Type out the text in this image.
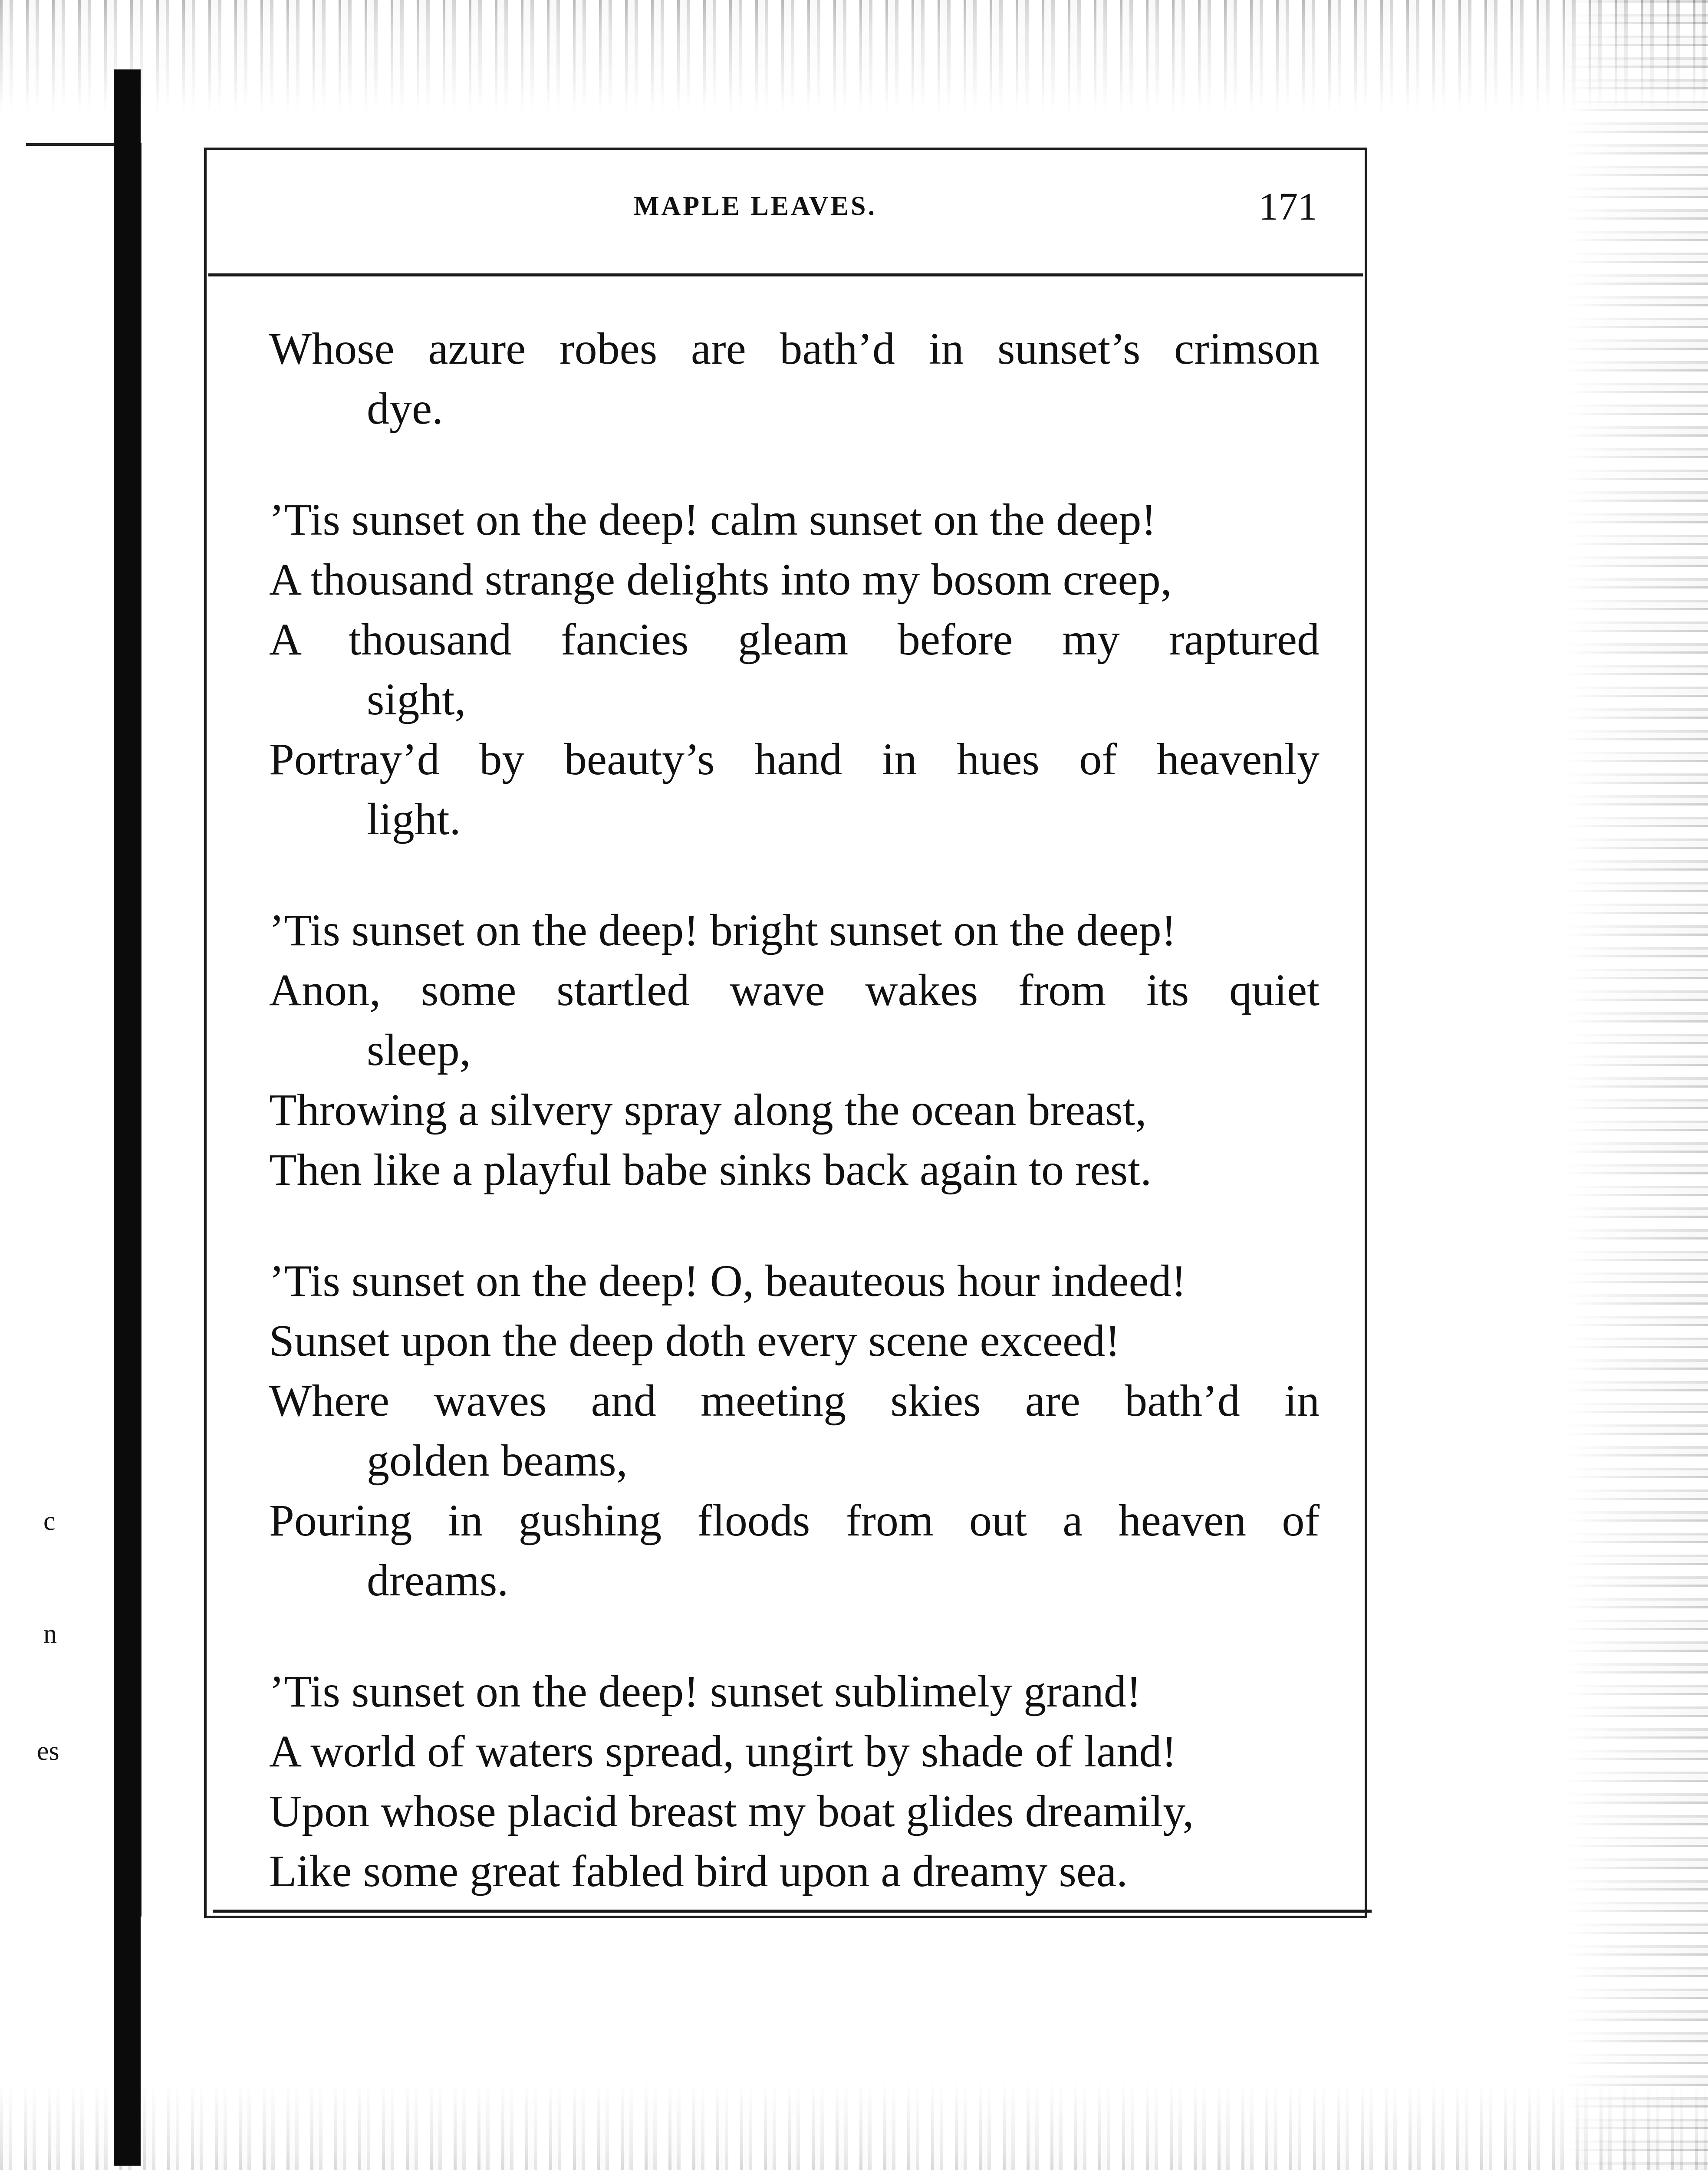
c
n
es
MAPLE LEAVES.	171
Whose azure robes are bath’d in sunset’s crimson
dye.
’Tis sunset on the deep! calm sunset on the deep!
A thousand strange delights into my bosom creep,
A thousand fancies gleam before my raptured
sight,
Portray’d by beauty’s hand in hues of heavenly
light.
’Tis sunset on the deep! bright sunset on the deep!
Anon, some startled wave wakes from its quiet
sleep,
Throwing a silvery spray along the ocean breast,
Then like a playful babe sinks back again to rest.
’Tis sunset on the deep! O, beauteous hour indeed!
Sunset upon the deep doth every scene exceed!
Where waves and meeting skies are bath’d in
golden beams,
Pouring in gushing floods from out a heaven of
dreams.
’Tis sunset on the deep! sunset sublimely grand!
A world of waters spread, ungirt by shade of land!
Upon whose placid breast my boat glides dreamily,
Like some great fabled bird upon a dreamy sea.
